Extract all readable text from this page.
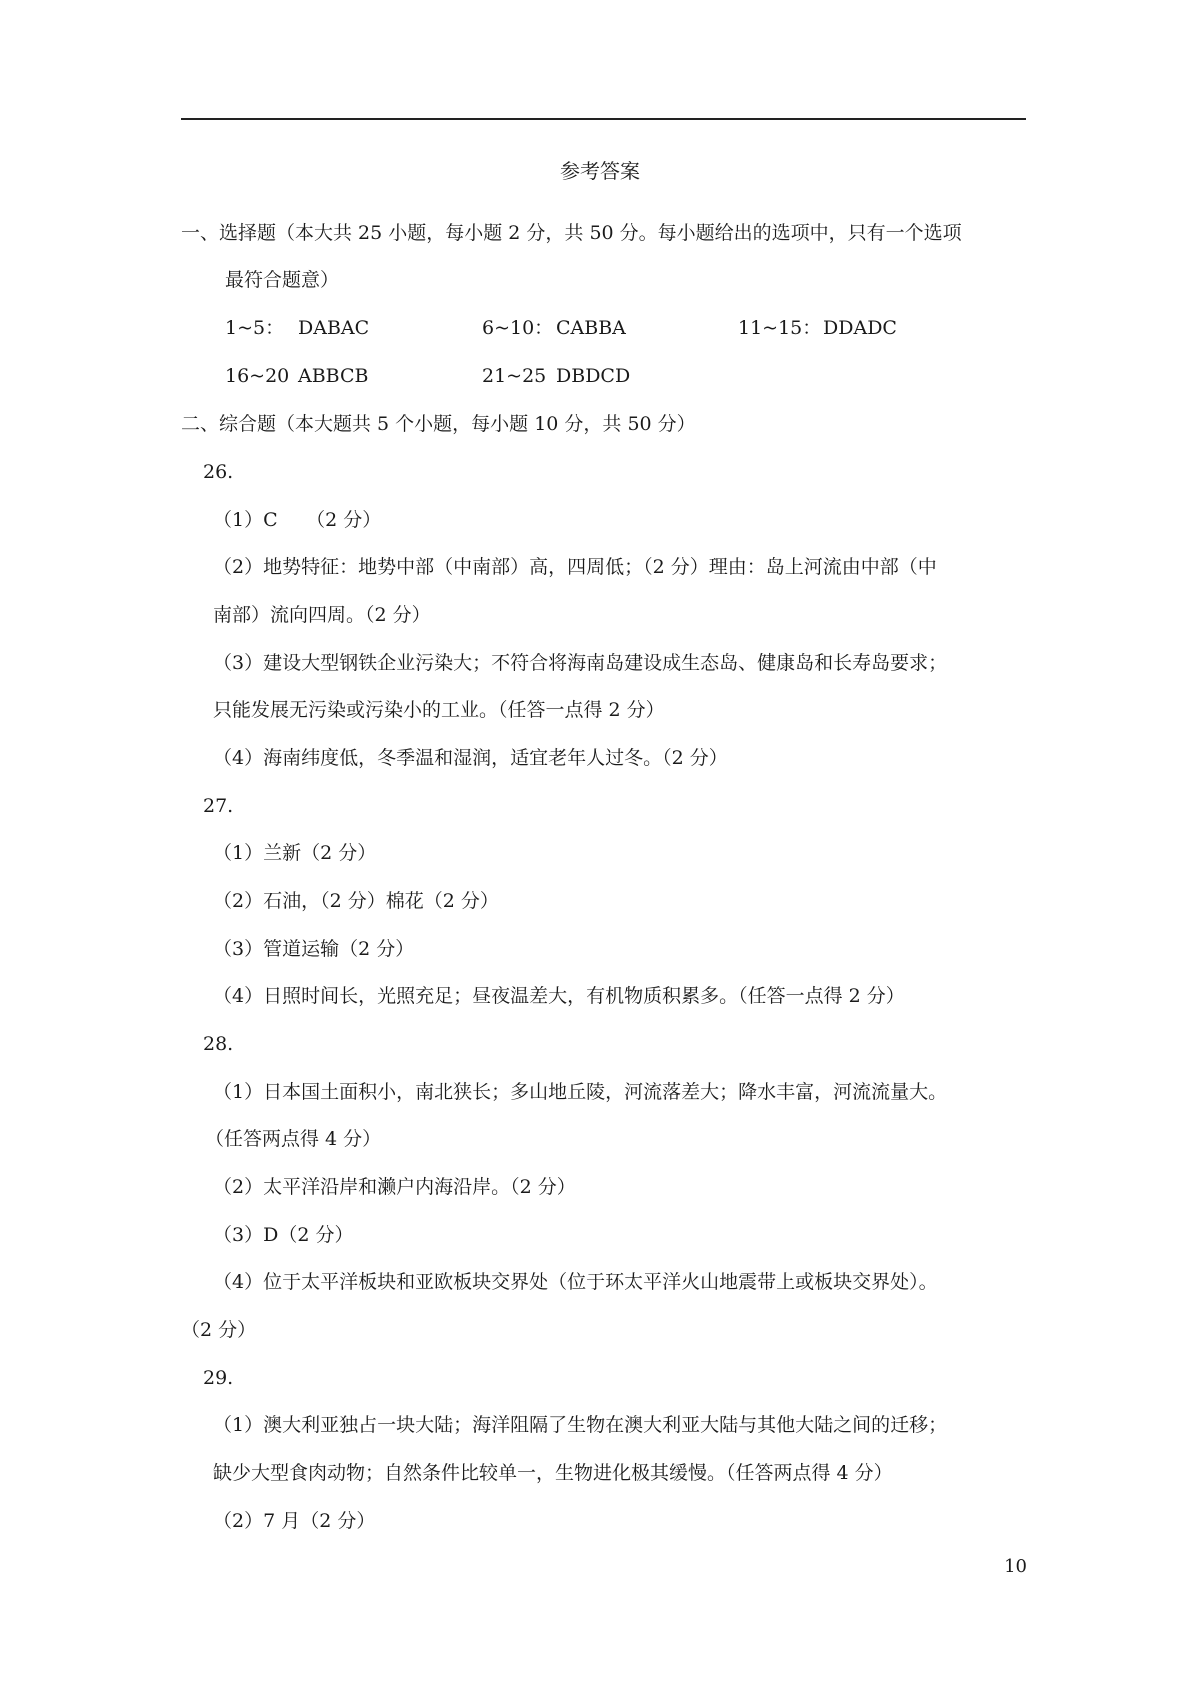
参考答案
一、选择题（本大共 25 小题，每小题 2 分，共 50 分。每小题给出的选项中，只有一个选项
最符合题意）
1~5： DABAC	6~10： CABBA	11~15： DDADC
16~20 ABBCB	21~25 DBDCD
二、综合题（本大题共 5 个小题，每小题 10 分，共 50 分）
26.
（1）C　　（2 分）
（2）地势特征：地势中部（中南部）高，四周低；（2 分）理由：岛上河流由中部（中
南部）流向四周。（2 分）
（3）建设大型钢铁企业污染大；不符合将海南岛建设成生态岛、健康岛和长寿岛要求；
只能发展无污染或污染小的工业。（任答一点得 2 分）
（4）海南纬度低，冬季温和湿润，适宜老年人过冬。（2 分）
27.
（1）兰新（2 分）
（2）石油，（2 分）棉花（2 分）
（3）管道运输（2 分）
（4）日照时间长，光照充足；昼夜温差大，有机物质积累多。（任答一点得 2 分）
28.
（1）日本国土面积小，南北狭长；多山地丘陵，河流落差大；降水丰富，河流流量大。
（任答两点得 4 分）
（2）太平洋沿岸和濑户内海沿岸。（2 分）
（3）D（2 分）
（4）位于太平洋板块和亚欧板块交界处（位于环太平洋火山地震带上或板块交界处）。
（2 分）
29.
（1）澳大利亚独占一块大陆；海洋阻隔了生物在澳大利亚大陆与其他大陆之间的迁移；
缺少大型食肉动物；自然条件比较单一，生物进化极其缓慢。（任答两点得 4 分）
（2）7 月（2 分）
10
